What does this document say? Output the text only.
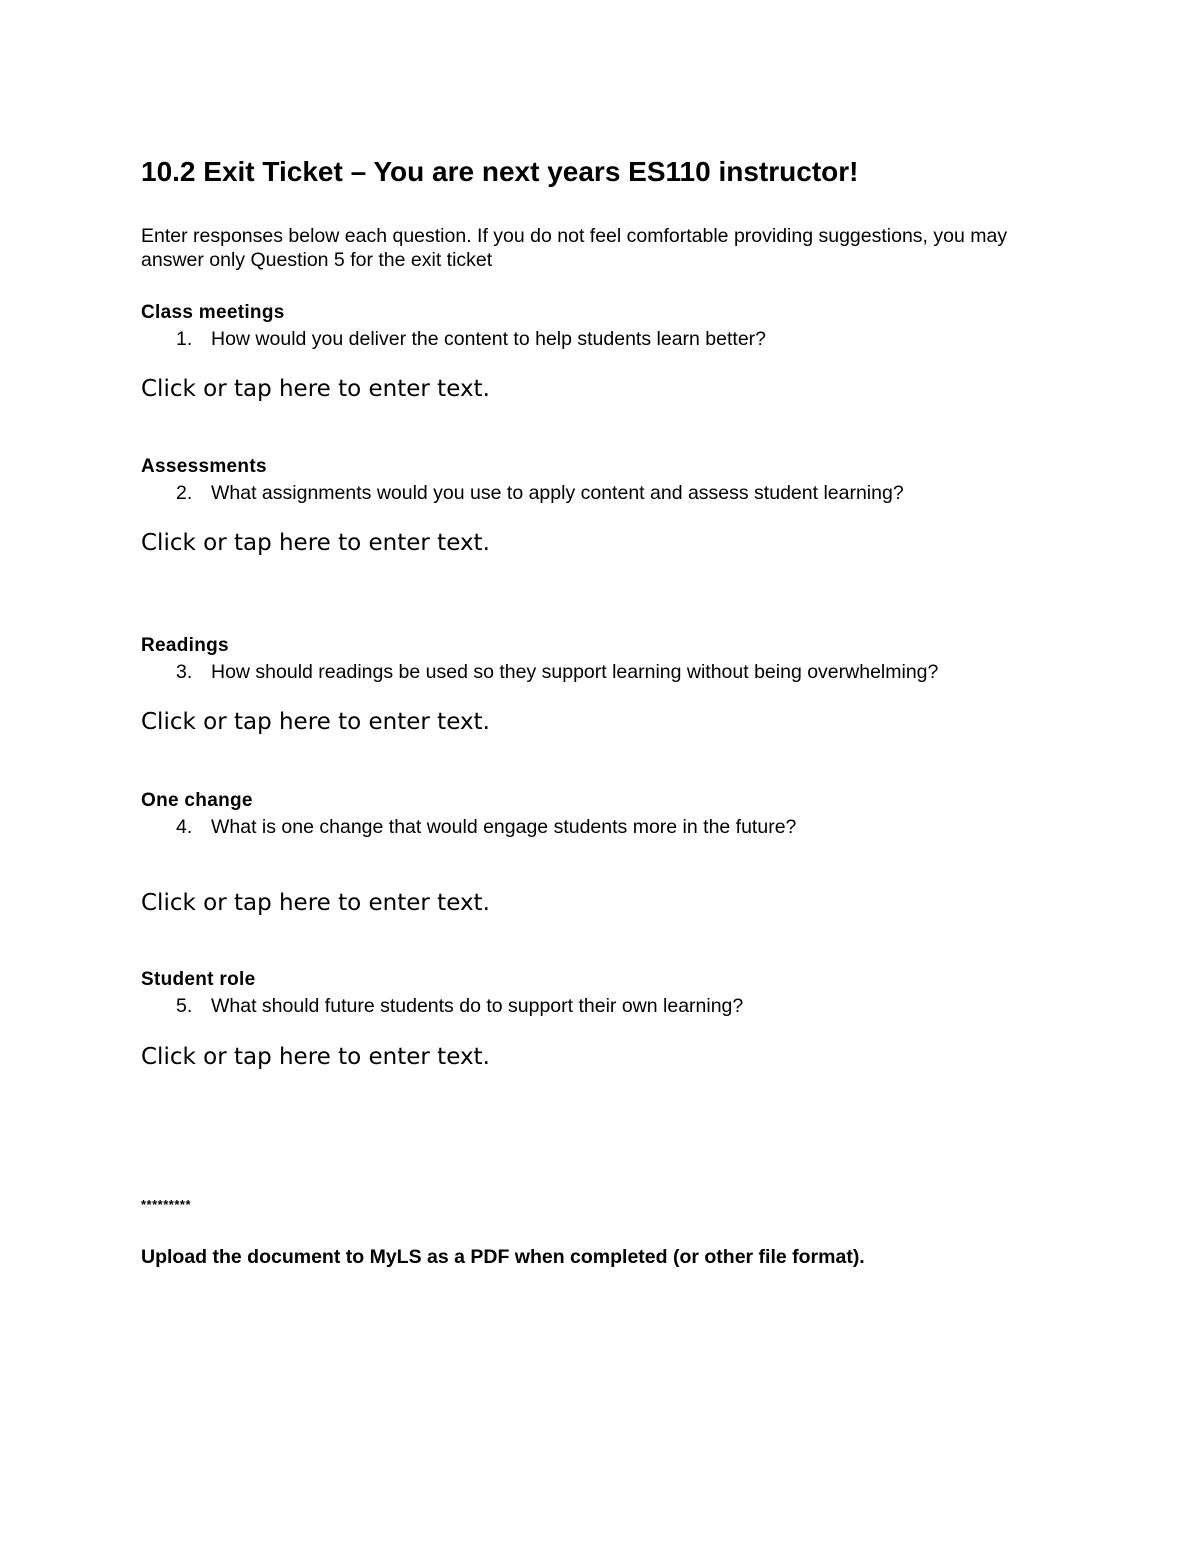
10.2 Exit Ticket – You are next years ES110 instructor!
Enter responses below each question. If you do not feel comfortable providing suggestions, you may answer only Question 5 for the exit ticket
Class meetings
1. How would you deliver the content to help students learn better?
Click or tap here to enter text.
Assessments
2. What assignments would you use to apply content and assess student learning?
Click or tap here to enter text.
Readings
3. How should readings be used so they support learning without being overwhelming?
Click or tap here to enter text.
One change
4. What is one change that would engage students more in the future?
Click or tap here to enter text.
Student role
5. What should future students do to support their own learning?
Click or tap here to enter text.
*********
Upload the document to MyLS as a PDF when completed (or other file format).
